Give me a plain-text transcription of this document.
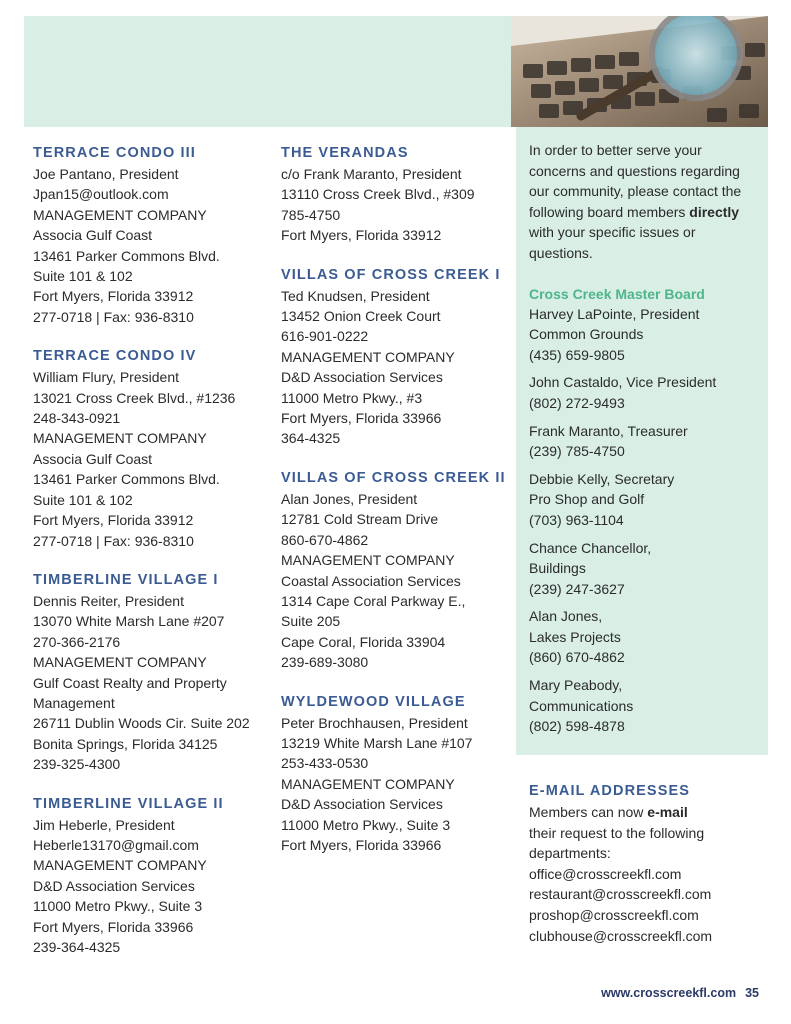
TERRACE CONDO III
Joe Pantano, President
Jpan15@outlook.com
MANAGEMENT COMPANY
Associa Gulf Coast
13461 Parker Commons Blvd.
Suite 101 & 102
Fort Myers, Florida 33912
277-0718 | Fax: 936-8310
TERRACE CONDO IV
William Flury, President
13021 Cross Creek Blvd., #1236
248-343-0921
MANAGEMENT COMPANY
Associa Gulf Coast
13461 Parker Commons Blvd.
Suite 101 & 102
Fort Myers, Florida 33912
277-0718 | Fax: 936-8310
TIMBERLINE VILLAGE I
Dennis Reiter, President
13070 White Marsh Lane #207
270-366-2176
MANAGEMENT COMPANY
Gulf Coast Realty and Property
Management
26711 Dublin Woods Cir. Suite 202
Bonita Springs, Florida 34125
239-325-4300
TIMBERLINE VILLAGE II
Jim Heberle, President
Heberle13170@gmail.com
MANAGEMENT COMPANY
D&D Association Services
11000 Metro Pkwy., Suite 3
Fort Myers, Florida 33966
239-364-4325
THE VERANDAS
c/o Frank Maranto, President
13110 Cross Creek Blvd., #309
785-4750
Fort Myers, Florida 33912
VILLAS OF CROSS CREEK I
Ted Knudsen, President
13452 Onion Creek Court
616-901-0222
MANAGEMENT COMPANY
D&D Association Services
11000 Metro Pkwy., #3
Fort Myers, Florida 33966
364-4325
VILLAS OF CROSS CREEK II
Alan Jones, President
12781 Cold Stream Drive
860-670-4862
MANAGEMENT COMPANY
Coastal Association Services
1314 Cape Coral Parkway E.,
Suite 205
Cape Coral, Florida 33904
239-689-3080
WYLDEWOOD VILLAGE
Peter Brochhausen, President
13219 White Marsh Lane #107
253-433-0530
MANAGEMENT COMPANY
D&D Association Services
11000 Metro Pkwy., Suite 3
Fort Myers, Florida 33966

In order to better serve your concerns and questions regarding our community, please contact the following board members directly with your specific issues or questions.

Cross Creek Master Board
Harvey LaPointe, President
Common Grounds
(435) 659-9805
John Castaldo, Vice President
(802) 272-9493
Frank Maranto, Treasurer
(239) 785-4750
Debbie Kelly, Secretary
Pro Shop and Golf
(703) 963-1104
Chance Chancellor,
Buildings
(239) 247-3627
Alan Jones,
Lakes Projects
(860) 670-4862
Mary Peabody,
Communications
(802) 598-4878
E-MAIL ADDRESSES
Members can now e-mail
their request to the following
departments:
office@crosscreekfl.com
restaurant@crosscreekfl.com
proshop@crosscreekfl.com
clubhouse@crosscreekfl.com
www.crosscreekfl.com 35
